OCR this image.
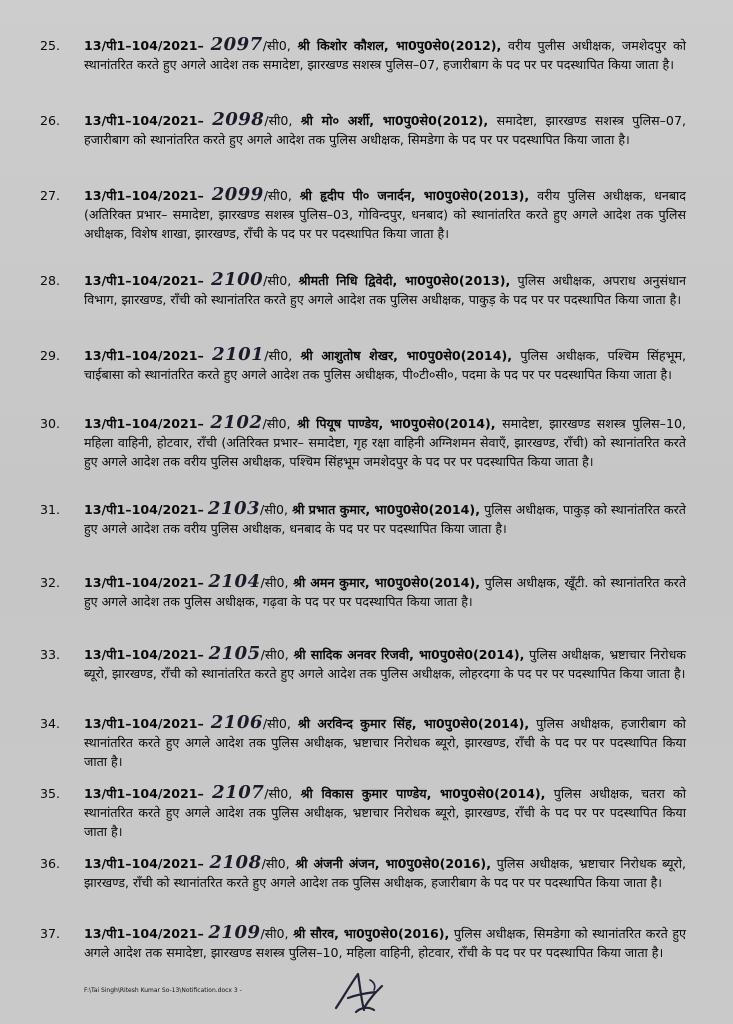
25.	13/पी1–104/2021– 2097/सी0, श्री किशोर कौशल, भा0पु0से0(2012), वरीय पुलीस अधीक्षक, जमशेदपुर को स्थानांतरित करते हुए अगले आदेश तक समादेष्टा, झारखण्ड सशस्त्र पुलिस–07, हजारीबाग के पद पर पर पदस्थापित किया जाता है।
26.	13/पी1–104/2021– 2098/सी0, श्री मो० अर्शी, भा0पु0से0(2012), समादेष्टा, झारखण्ड सशस्त्र पुलिस–07, हजारीबाग को स्थानांतरित करते हुए अगले आदेश तक पुलिस अधीक्षक, सिमडेगा के पद पर पर पदस्थापित किया जाता है।
27.	13/पी1–104/2021– 2099/सी0, श्री हृदीप पी० जनार्दन, भा0पु0से0(2013), वरीय पुलिस अधीक्षक, धनबाद (अतिरिक्त प्रभार– समादेष्टा, झारखण्ड सशस्त्र पुलिस–03, गोविन्दपुर, धनबाद) को स्थानांतरित करते हुए अगले आदेश तक पुलिस अधीक्षक, विशेष शाखा, झारखण्ड, राँची के पद पर पर पदस्थापित किया जाता है।
28.	13/पी1–104/2021– 2100/सी0, श्रीमती निधि द्विवेदी, भा0पु0से0(2013), पुलिस अधीक्षक, अपराध अनुसंधान विभाग, झारखण्ड, राँची को स्थानांतरित करते हुए अगले आदेश तक पुलिस अधीक्षक, पाकुड़ के पद पर पर पदस्थापित किया जाता है।
29.	13/पी1–104/2021– 2101/सी0, श्री आशुतोष शेखर, भा0पु0से0(2014), पुलिस अधीक्षक, पश्चिम सिंहभूम, चाईबासा को स्थानांतरित करते हुए अगले आदेश तक पुलिस अधीक्षक, पी०टी०सी०, पदमा के पद पर पर पदस्थापित किया जाता है।
30.	13/पी1–104/2021– 2102/सी0, श्री पियूष पाण्डेय, भा0पु0से0(2014), समादेष्टा, झारखण्ड सशस्त्र पुलिस–10, महिला वाहिनी, होटवार, राँची (अतिरिक्त प्रभार– समादेष्टा, गृह रक्षा वाहिनी अग्निशमन सेवाएँ, झारखण्ड, राँची) को स्थानांतरित करते हुए अगले आदेश तक वरीय पुलिस अधीक्षक, पश्चिम सिंहभूम जमशेदपुर के पद पर पर पदस्थापित किया जाता है।
31.	13/पी1–104/2021– 2103/सी0, श्री प्रभात कुमार, भा0पु0से0(2014), पुलिस अधीक्षक, पाकुड़ को स्थानांतरित करते हुए अगले आदेश तक वरीय पुलिस अधीक्षक, धनबाद के पद पर पर पदस्थापित किया जाता है।
32.	13/पी1–104/2021– 2104/सी0, श्री अमन कुमार, भा0पु0से0(2014), पुलिस अधीक्षक, खूँटी. को स्थानांतरित करते हुए अगले आदेश तक पुलिस अधीक्षक, गढ़वा के पद पर पर पदस्थापित किया जाता है।
33.	13/पी1–104/2021– 2105/सी0, श्री सादिक अनवर रिजवी, भा0पु0से0(2014), पुलिस अधीक्षक, भ्रष्टाचार निरोधक ब्यूरो, झारखण्ड, राँची को स्थानांतरित करते हुए अगले आदेश तक पुलिस अधीक्षक, लोहरदगा के पद पर पर पदस्थापित किया जाता है।
34.	13/पी1–104/2021– 2106/सी0, श्री अरविन्द कुमार सिंह, भा0पु0से0(2014), पुलिस अधीक्षक, हजारीबाग को स्थानांतरित करते हुए अगले आदेश तक पुलिस अधीक्षक, भ्रष्टाचार निरोधक ब्यूरो, झारखण्ड, राँची के पद पर पर पदस्थापित किया जाता है।
35.	13/पी1–104/2021– 2107/सी0, श्री विकास कुमार पाण्डेय, भा0पु0से0(2014), पुलिस अधीक्षक, चतरा को स्थानांतरित करते हुए अगले आदेश तक पुलिस अधीक्षक, भ्रष्टाचार निरोधक ब्यूरो, झारखण्ड, राँची के पद पर पर पदस्थापित किया जाता है।
36.	13/पी1–104/2021– 2108/सी0, श्री अंजनी अंजन, भा0पु0से0(2016), पुलिस अधीक्षक, भ्रष्टाचार निरोधक ब्यूरो, झारखण्ड, राँची को स्थानांतरित करते हुए अगले आदेश तक पुलिस अधीक्षक, हजारीबाग के पद पर पर पदस्थापित किया जाता है।
37.	13/पी1–104/2021– 2109/सी0, श्री सौरव, भा0पु0से0(2016), पुलिस अधीक्षक, सिमडेगा को स्थानांतरित करते हुए अगले आदेश तक समादेष्टा, झारखण्ड सशस्त्र पुलिस–10, महिला वाहिनी, होटवार, राँची के पद पर पर पदस्थापित किया जाता है।
F:\Tai Singh\Ritesh Kumar So-13\Notification.docx 3 -
